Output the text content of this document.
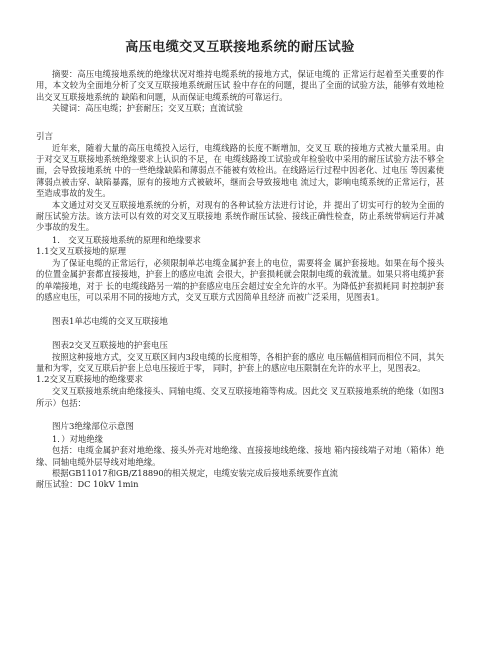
高压电缆交叉互联接地系统的耐压试验

摘要：高压电缆接地系统的绝缘状况对维持电缆系统的接地方式，保证电缆的 正常运行起着至关重要的作用，本文较为全面地分析了交叉互联接地系统耐压试 验中存在的问题，提出了全面的试验方法，能够有效地检出交叉互联接地系统的 缺陷和问题，从而保证电缆系统的可靠运行。

关键词：高压电缆；护套耐压；交叉互联；直流试验

引言

近年来，随着大量的高压电缆投入运行，电缆线路的长度不断增加，交叉互 联的接地方式被大量采用。由于对交叉互联接地系统绝缘要求上认识的不足，在 电缆线路竣工试验或年检验收中采用的耐压试验方法不够全面，会导致接地系统 中的一些绝缘缺陷和薄弱点不能被有效检出。在线路运行过程中因老化、过电压 等因素使薄弱点被击穿、缺陷暴露，原有的接地方式被破坏，继而会导致接地电 流过大，影响电缆系统的正常运行，甚至造成事故的发生。

本文通过对交叉互联接地系统的分析，对现有的各种试验方法进行讨论，并 提出了切实可行的较为全面的耐压试验方法。该方法可以有效的对交叉互联接地 系统作耐压试验、接线正确性检查，防止系统带病运行并减少事故的发生。

1.　交叉互联接地系统的原理和绝缘要求

1.1交叉互联接地的原理

为了保证电缆的正常运行，必须限制单芯电缆金属护套上的电位，需要将金 属护套接地。如果在每个接头的位置金属护套都直接接地，护套上的感应电流 会很大，护套损耗就会限制电缆的载流量。如果只将电缆护套的单端接地，对于 长的电缆线路另一端的护套感应电压会超过安全允许的水平。为降低护套损耗同 时控制护套的感应电压，可以采用不同的接地方式，交叉互联方式因简单且经济 而被广泛采用，见图表1。

图表1单芯电缆的交叉互联接地

图表2交叉互联接地的护套电压

按照这种接地方式，交叉互联区间内3段电缆的长度相等，各相护套的感应 电压幅值相同而相位不同，其矢量和为零，交叉互联后护套上总电压接近于零， 同时，护套上的感应电压限制在允许的水平上，见图表2。

1.2交叉互联接地的绝缘要求

交叉互联接地系统由绝缘接头、同轴电缆、交叉互联接地箱等构成。因此交 叉互联接地系统的绝缘（如图3所示）包括：

图片3绝缘部位示意图

1．）对地绝缘

包括：电缆金属护套对地绝缘、接头外壳对地绝缘、直接接地线绝缘、接地 箱内接线端子对地（箱体）绝缘、同轴电缆外层导线对地绝缘。

根据GB11017和GB/Z18890的相关规定，电缆安装完成后接地系统要作直流

耐压试验：DC 10kV 1min
